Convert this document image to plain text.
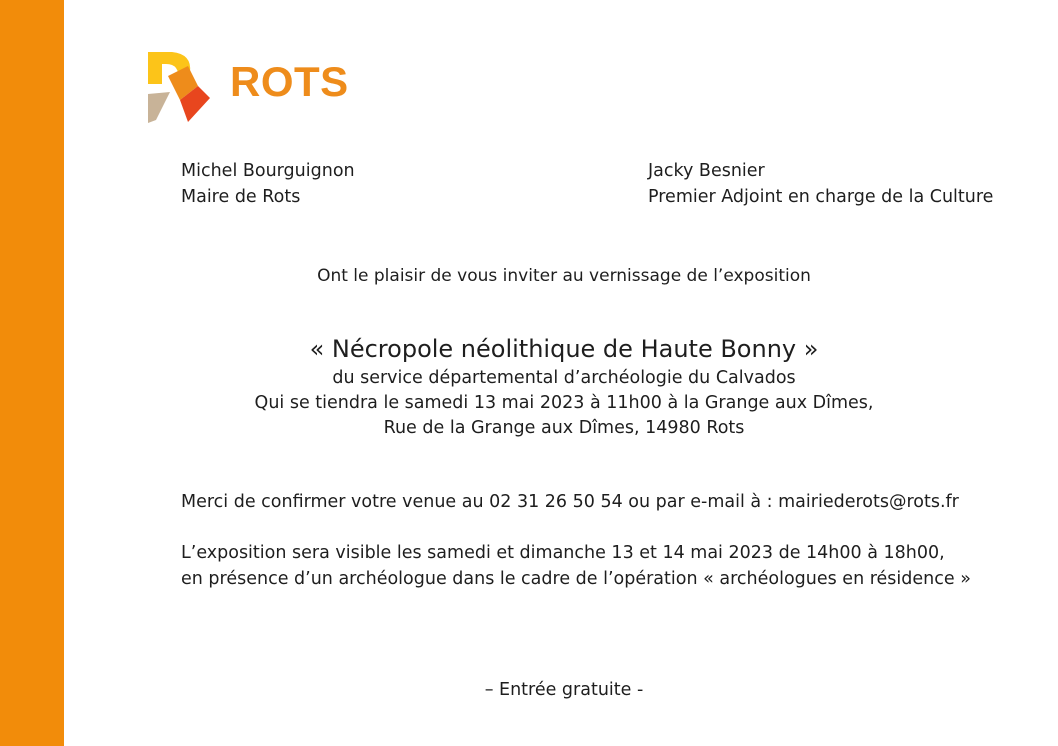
ROTS
Michel Bourguignon
Maire de Rots
Jacky Besnier
Premier Adjoint en charge de la Culture
Ont le plaisir de vous inviter au vernissage de l’exposition
« Nécropole néolithique de Haute Bonny »
du service départemental d’archéologie du Calvados
Qui se tiendra le samedi 13 mai 2023 à 11h00 à la Grange aux Dîmes,
Rue de la Grange aux Dîmes, 14980 Rots
Merci de confirmer votre venue au 02 31 26 50 54 ou par e-mail à : mairiederots@rots.fr
L’exposition sera visible les samedi et dimanche 13 et 14 mai 2023 de 14h00 à 18h00,
en présence d’un archéologue dans le cadre de l’opération « archéologues en résidence »
– Entrée gratuite -
